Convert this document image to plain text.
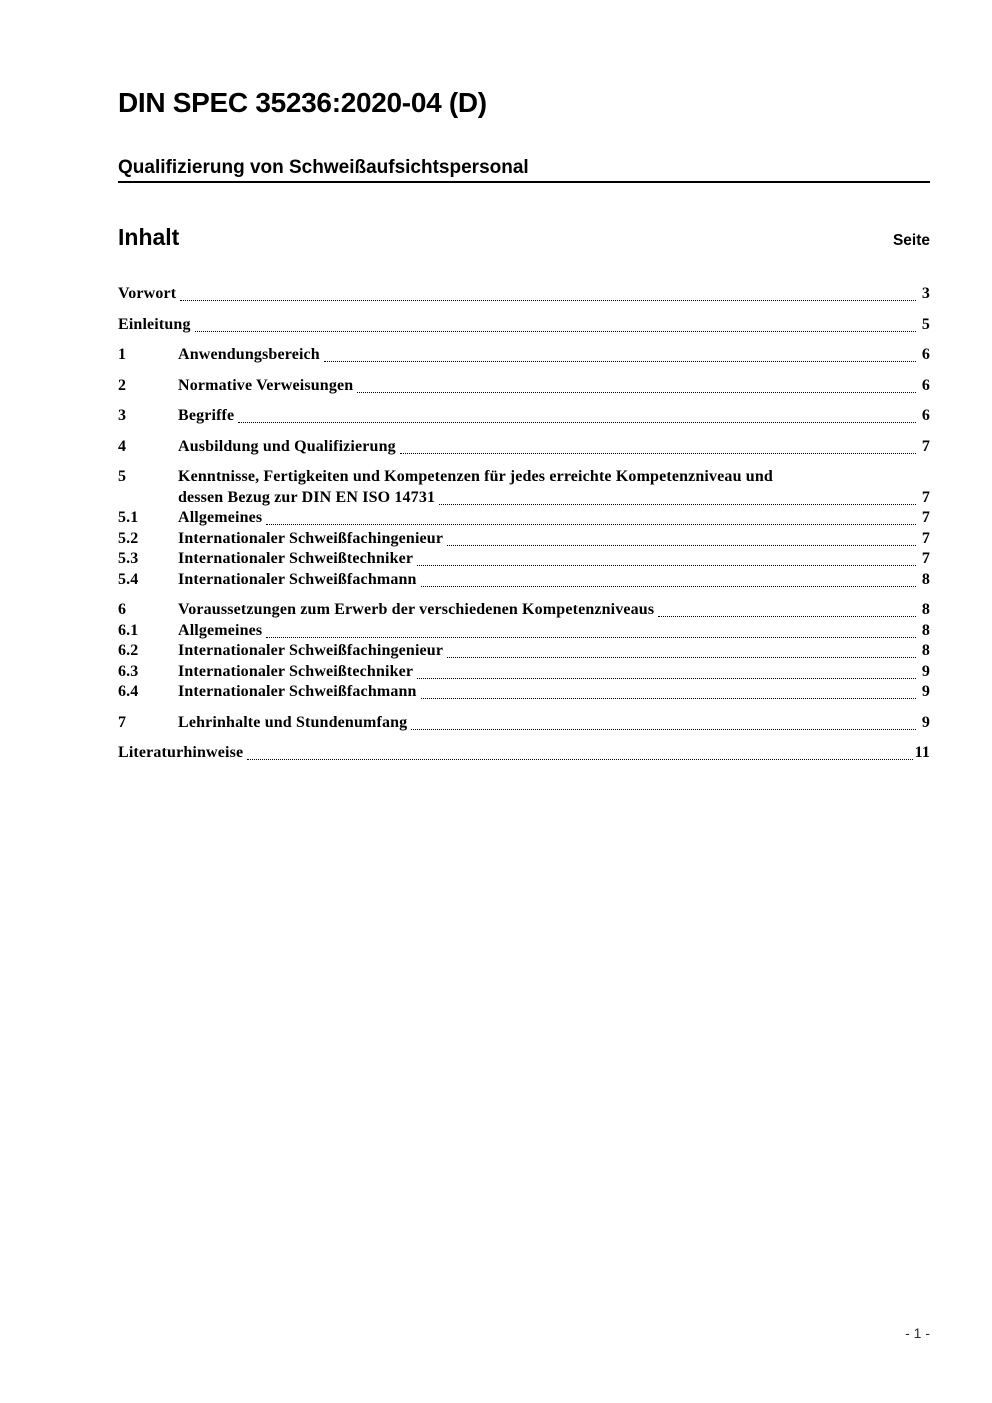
DIN SPEC 35236:2020-04 (D)
Qualifizierung von Schweißaufsichtspersonal
Inhalt	Seite
Vorwort	3
Einleitung	5
1	Anwendungsbereich	6
2	Normative Verweisungen	6
3	Begriffe	6
4	Ausbildung und Qualifizierung	7
5	Kenntnisse, Fertigkeiten und Kompetenzen für jedes erreichte Kompetenzniveau und
dessen Bezug zur DIN EN ISO 14731	7
5.1	Allgemeines	7
5.2	Internationaler Schweißfachingenieur	7
5.3	Internationaler Schweißtechniker	7
5.4	Internationaler Schweißfachmann	8
6	Voraussetzungen zum Erwerb der verschiedenen Kompetenzniveaus	8
6.1	Allgemeines	8
6.2	Internationaler Schweißfachingenieur	8
6.3	Internationaler Schweißtechniker	9
6.4	Internationaler Schweißfachmann	9
7	Lehrinhalte und Stundenumfang	9
Literaturhinweise	11
- 1 -
